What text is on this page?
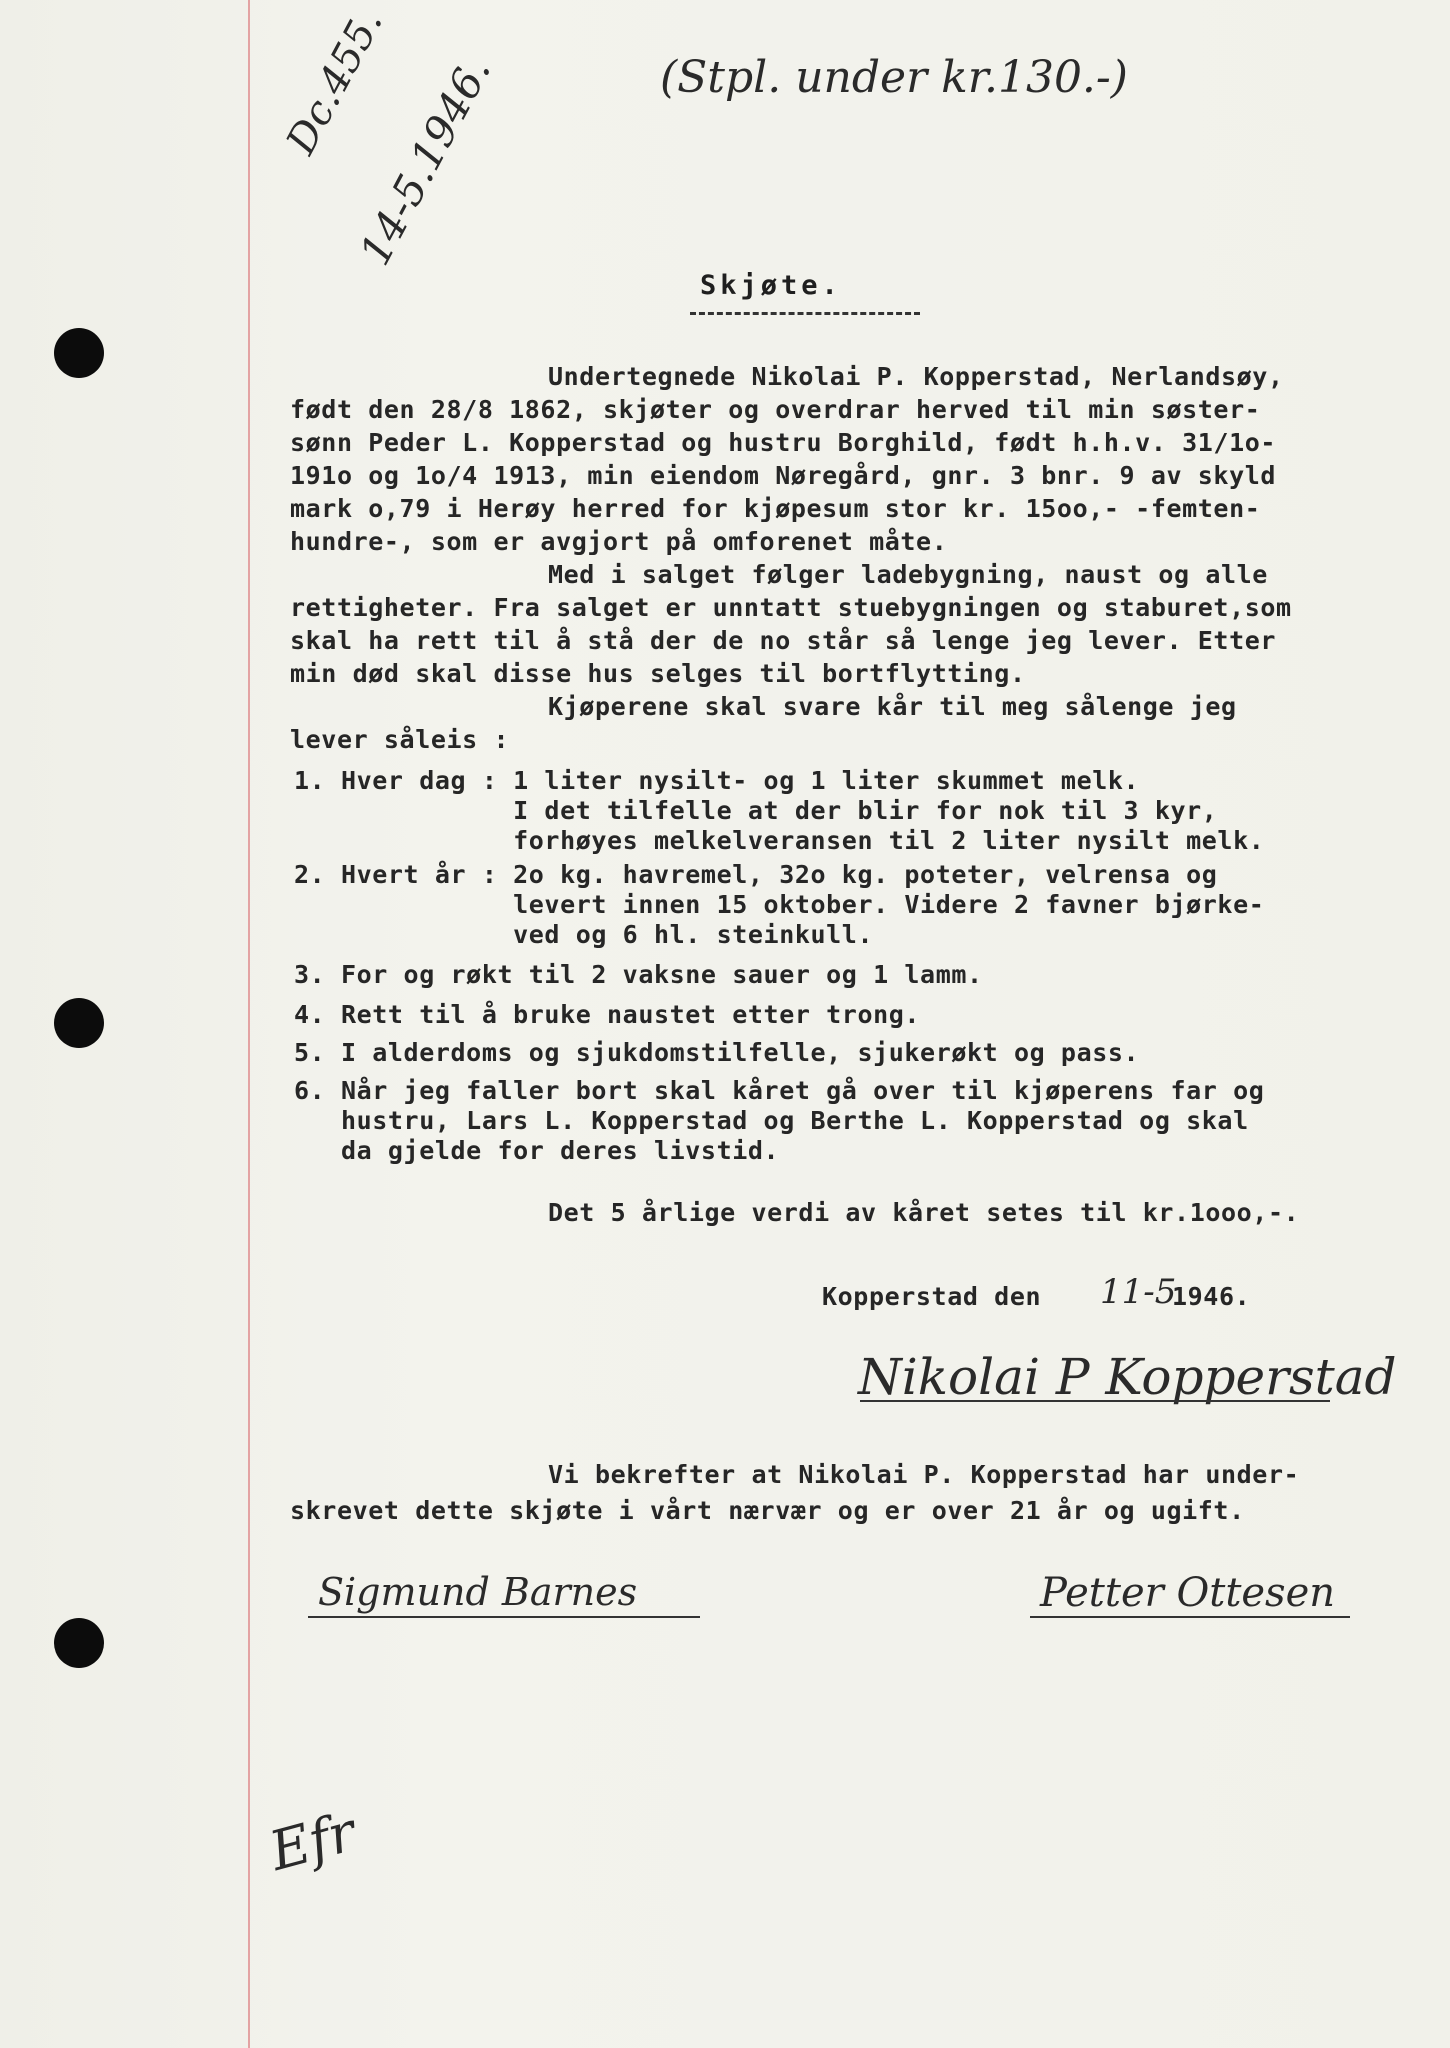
Dc.455.
14-5.1946.	(Stpl. under kr.130.-)
Skjøte.
Undertegnede Nikolai P. Kopperstad, Nerlandsøy,
født den 28/8 1862, skjøter og overdrar herved til min søster-
sønn Peder L. Kopperstad og hustru Borghild, født h.h.v. 31/1o-
191o og 1o/4 1913, min eiendom Nøregård, gnr. 3 bnr. 9 av skyld
mark o,79 i Herøy herred for kjøpesum stor kr. 15oo,- -femten-
hundre-, som er avgjort på omforenet måte.
Med i salget følger ladebygning, naust og alle
rettigheter. Fra salget er unntatt stuebygningen og staburet,som
skal ha rett til å stå der de no står så lenge jeg lever. Etter
min død skal disse hus selges til bortflytting.
Kjøperene skal svare kår til meg sålenge jeg
lever såleis :
1. Hver dag : 1 liter nysilt- og 1 liter skummet melk.
I det tilfelle at der blir for nok til 3 kyr,
forhøyes melkelveransen til 2 liter nysilt melk.
2. Hvert år : 2o kg. havremel, 32o kg. poteter, velrensa og
levert innen 15 oktober. Videre 2 favner bjørke-
ved og 6 hl. steinkull.
3. For og røkt til 2 vaksne sauer og 1 lamm.
4. Rett til å bruke naustet etter trong.
5. I alderdoms og sjukdomstilfelle, sjukerøkt og pass.
6. Når jeg faller bort skal kåret gå over til kjøperens far og
hustru, Lars L. Kopperstad og Berthe L. Kopperstad og skal
da gjelde for deres livstid.
Det 5 årlige verdi av kåret setes til kr.1ooo,-.
Kopperstad den 11-5
1946.
Nikolai P Kopperstad
Vi bekrefter at Nikolai P. Kopperstad har under-
skrevet dette skjøte i vårt nærvær og er over 21 år og ugift.
Sigmund Barnes	Petter Ottesen
Efr
